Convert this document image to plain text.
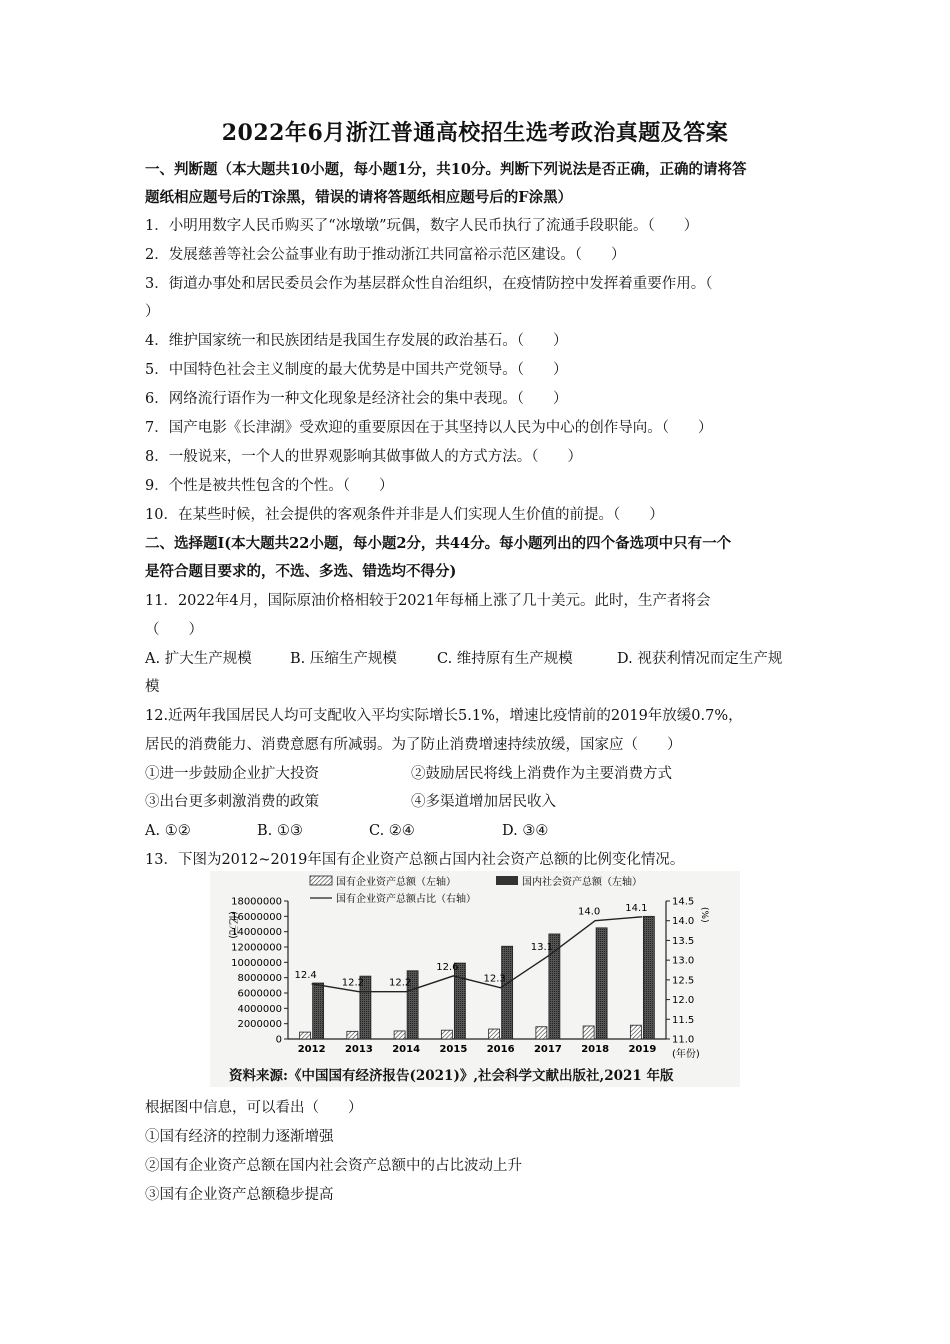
2022年6月浙江普通高校招生选考政治真题及答案
一、判断题（本大题共10小题，每小题1分，共10分。判断下列说法是否正确，正确的请将答
题纸相应题号后的T涂黑，错误的请将答题纸相应题号后的F涂黑）
1．小明用数字人民币购买了“冰墩墩”玩偶，数字人民币执行了流通手段职能。（　　）
2．发展慈善等社会公益事业有助于推动浙江共同富裕示范区建设。（　　）
3．街道办事处和居民委员会作为基层群众性自治组织，在疫情防控中发挥着重要作用。（
）
4．维护国家统一和民族团结是我国生存发展的政治基石。（　　）
5．中国特色社会主义制度的最大优势是中国共产党领导。（　　）
6．网络流行语作为一种文化现象是经济社会的集中表现。（　　）
7．国产电影《长津湖》受欢迎的重要原因在于其坚持以人民为中心的创作导向。（　　）
8．一般说来，一个人的世界观影响其做事做人的方式方法。（　　）
9．个性是被共性包含的个性。（　　）
10．在某些时候，社会提供的客观条件并非是人们实现人生价值的前提。（　　）
二、选择题Ⅰ(本大题共22小题，每小题2分，共44分。每小题列出的四个备选项中只有一个
是符合题目要求的，不选、多选、错选均不得分)
11．2022年4月，国际原油价格相较于2021年每桶上涨了几十美元。此时，生产者将会
（　　）
A. 扩大生产规模	B. 压缩生产规模	C. 维持原有生产规模	D. 视获利情况而定生产规
模
12.近两年我国居民人均可支配收入平均实际增长5.1%，增速比疫情前的2019年放缓0.7%，
居民的消费能力、消费意愿有所减弱。为了防止消费增速持续放缓，国家应（　　）
①进一步鼓励企业扩大投资	②鼓励居民将线上消费作为主要消费方式
③出台更多刺激消费的政策	④多渠道增加居民收入
A. ①②	B. ①③	C. ②④	D. ③④
13．下图为2012~2019年国有企业资产总额占国内社会资产总额的比例变化情况。
国有企业资产总额（左轴）	国内社会资产总额（左轴）
国有企业资产总额占比（右轴）
(亿元)	(%)
(年份)
18000000
16000000
14000000
12000000
10000000
8000000
6000000
4000000
2000000
0
14.5
14.0
13.5
13.0
12.5
12.0
11.5
11.0
2012 2013 2014 2015 2016 2017 2018 2019
12.4
12.2 12.2
12.6
12.3
13.1
14.0 14.1
资料来源:《中国国有经济报告(2021)》,社会科学文献出版社,2021 年版
根据图中信息，可以看出（　　）
①国有经济的控制力逐渐增强
②国有企业资产总额在国内社会资产总额中的占比波动上升
③国有企业资产总额稳步提高
